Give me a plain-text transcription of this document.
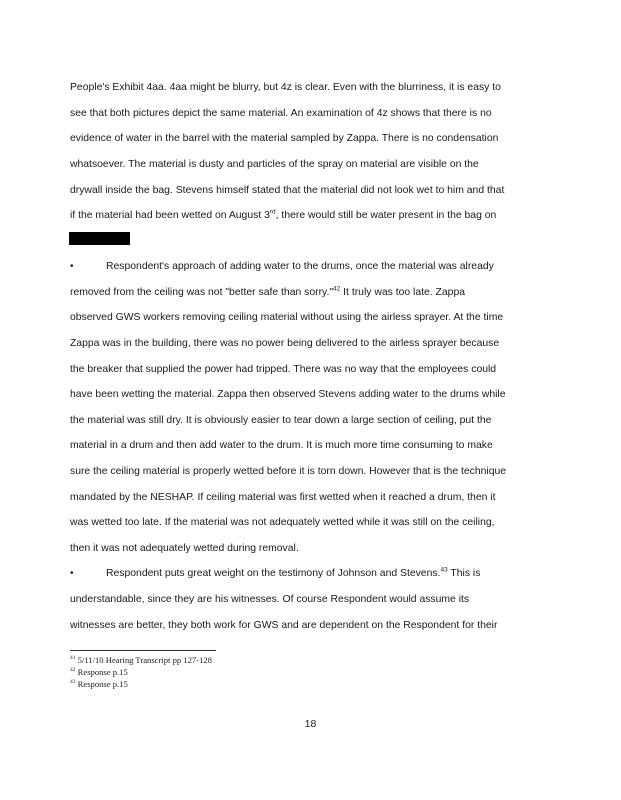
People's Exhibit 4aa. 4aa might be blurry, but 4z is clear. Even with the blurriness, it is easy to
see that both pictures depict the same material. An examination of 4z shows that there is no
evidence of water in the barrel with the material sampled by Zappa. There is no condensation
whatsoever. The material is dusty and particles of the spray on material are visible on the
drywall inside the bag. Stevens himself stated that the material did not look wet to him and that
if the material had been wetted on August 3rd, there would still be water present in the bag on
•	Respondent's approach of adding water to the drums, once the material was already
removed from the ceiling was not "better safe than sorry."$^{42}$ It truly was too late. Zappa
observed GWS workers removing ceiling material without using the airless sprayer. At the time
Zappa was in the building, there was no power being delivered to the airless sprayer because
the breaker that supplied the power had tripped. There was no way that the employees could
have been wetting the material. Zappa then observed Stevens adding water to the drums while
the material was still dry. It is obviously easier to tear down a large section of ceiling, put the
material in a drum and then add water to the drum. It is much more time consuming to make
sure the ceiling material is properly wetted before it is torn down. However that is the technique
mandated by the NESHAP. If ceiling material was first wetted when it reached a drum, then it
was wetted too late. If the material was not adequately wetted while it was still on the ceiling,
then it was not adequately wetted during removal.
•	Respondent puts great weight on the testimony of Johnson and Stevens.$^{43}$ This is
understandable, since they are his witnesses. Of course Respondent would assume its
witnesses are better, they both work for GWS and are dependent on the Respondent for their
$^{41}$ 5/11/10 Hearing Transcript pp 127-128
$^{42}$ Response p.15
$^{43}$ Response p.15
18
